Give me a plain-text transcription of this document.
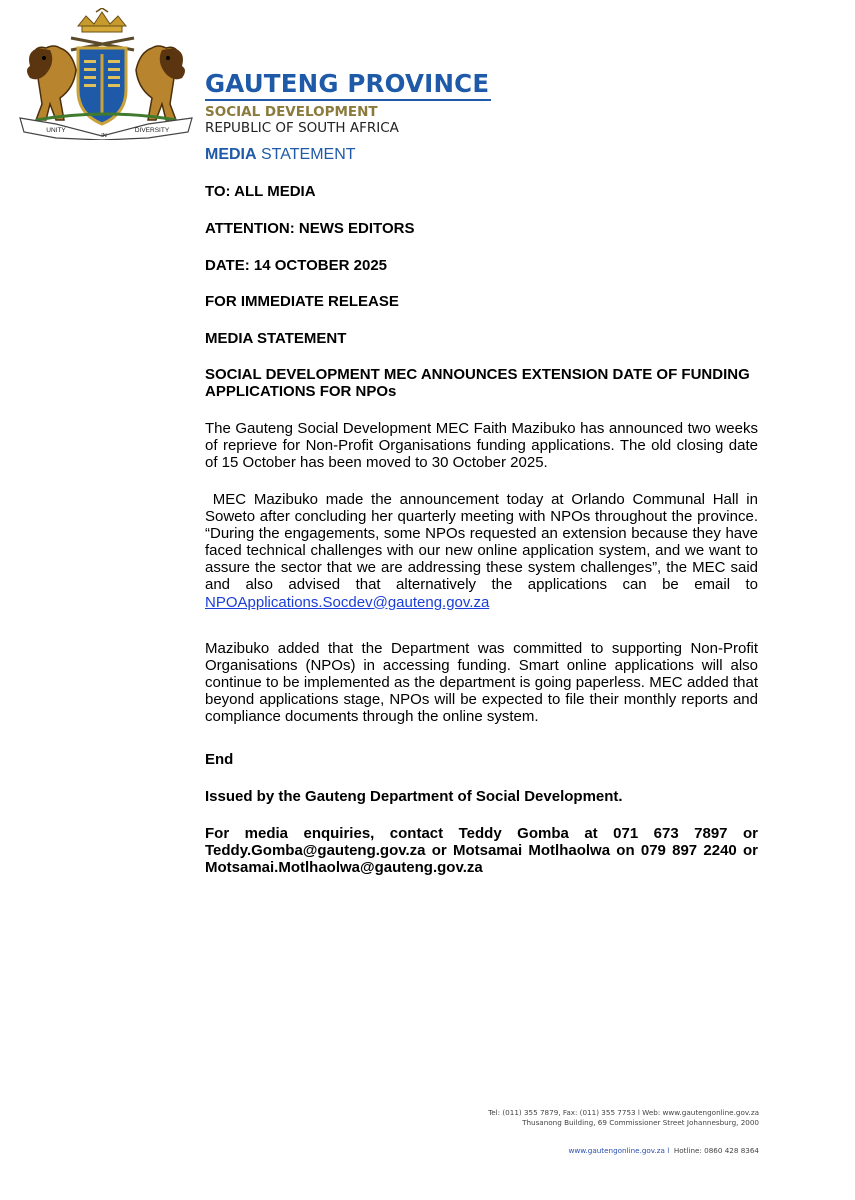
UNITY
IN
DIVERSITY
GAUTENG PROVINCE
SOCIAL DEVELOPMENT
REPUBLIC OF SOUTH AFRICA
MEDIA STATEMENT
TO: ALL MEDIA
ATTENTION: NEWS EDITORS
DATE: 14 OCTOBER 2025
FOR IMMEDIATE RELEASE
MEDIA STATEMENT
SOCIAL DEVELOPMENT MEC ANNOUNCES EXTENSION DATE OF FUNDING APPLICATIONS FOR NPOs
The Gauteng Social Development MEC Faith Mazibuko has announced two weeks of reprieve for Non-Profit Organisations funding applications. The old closing date of 15 October has been moved to 30 October 2025.
MEC Mazibuko made the announcement today at Orlando Communal Hall in Soweto after concluding her quarterly meeting with NPOs throughout the province. “During the engagements, some NPOs requested an extension because they have faced technical challenges with our new online application system, and we want to assure the sector that we are addressing these system challenges”, the MEC said and also advised that alternatively the applications can be email to NPOApplications.Socdev@gauteng.gov.za
Mazibuko added that the Department was committed to supporting Non-Profit Organisations (NPOs) in accessing funding. Smart online applications will also continue to be implemented as the department is going paperless. MEC added that beyond applications stage, NPOs will be expected to file their monthly reports and compliance documents through the online system.
End
Issued by the Gauteng Department of Social Development.
For media enquiries, contact Teddy Gomba at 071 673 7897 or Teddy.Gomba@gauteng.gov.za or Motsamai Motlhaolwa on 079 897 2240 or Motsamai.Motlhaolwa@gauteng.gov.za
Tel: (011) 355 7879, Fax: (011) 355 7753 l Web: www.gautengonline.gov.za
Thusanong Building, 69 Commissioner Street Johannesburg, 2000
www.gautengonline.gov.za l Hotline: 0860 428 8364
